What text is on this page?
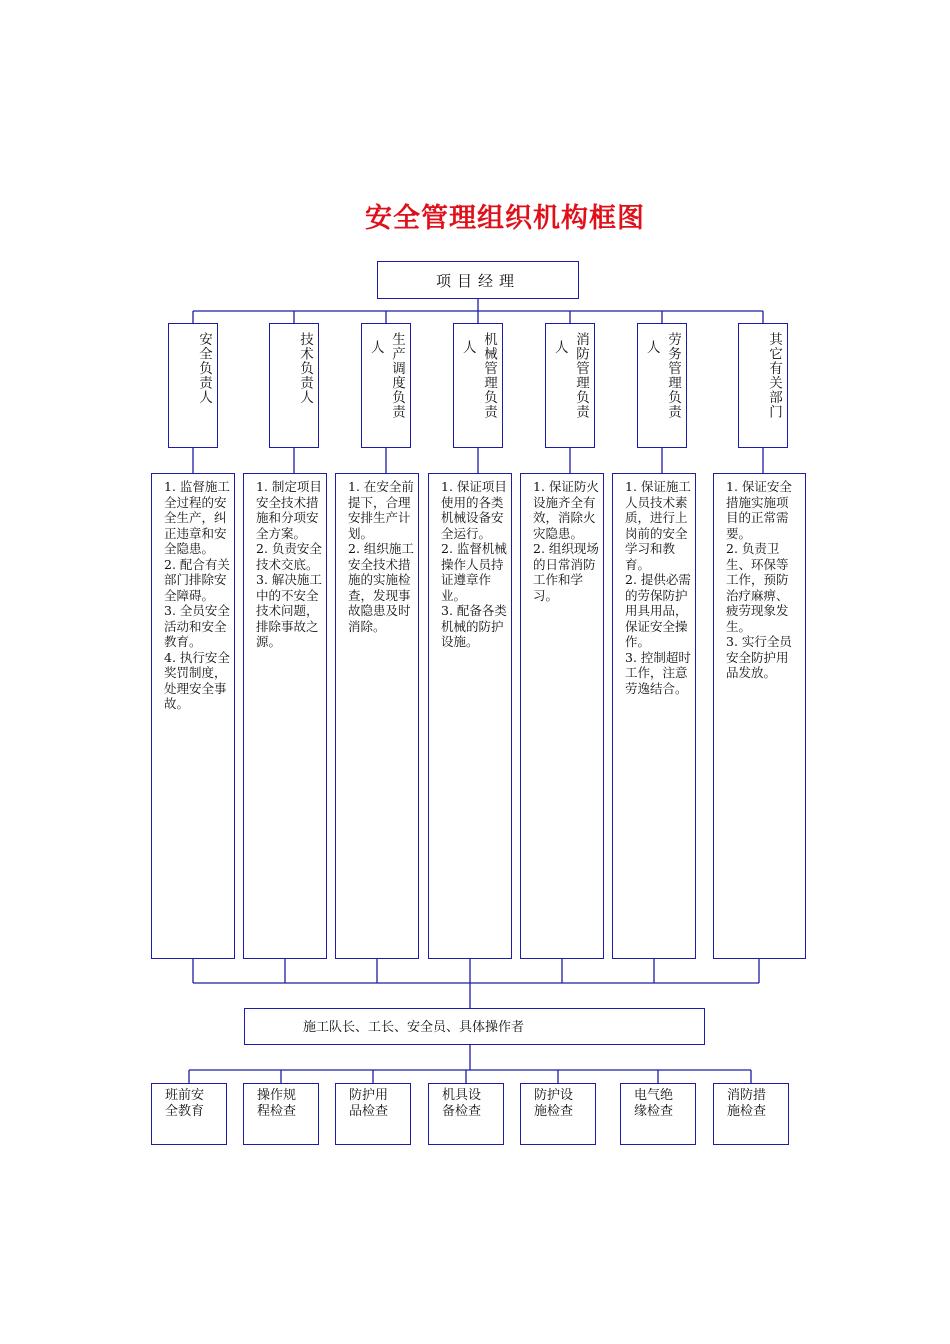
安全管理组织机构框图
项目经理
安全负责人	技术负责人	人 生产调度负责	人 机械管理负责	人 消防管理负责	人 劳务管理负责	其它有关部门
1. 监督施工全过程的安全生产，纠正违章和安全隐患。
2. 配合有关部门排除安全障碍。
3. 全员安全活动和安全教育。
4. 执行安全奖罚制度，处理安全事故。
1. 制定项目安全技术措施和分项安全方案。
2. 负责安全技术交底。
3. 解决施工中的不安全技术问题，排除事故之源。
1. 在安全前提下，合理安排生产计划。
2. 组织施工安全技术措施的实施检查，发现事故隐患及时消除。
1. 保证项目使用的各类机械设备安全运行。
2. 监督机械操作人员持证遵章作业。
3. 配备各类机械的防护设施。
1. 保证防火设施齐全有效，消除火灾隐患。
2. 组织现场的日常消防工作和学习。
1. 保证施工人员技术素质，进行上岗前的安全学习和教育。
2. 提供必需的劳保防护用具用品，保证安全操作。
3. 控制超时工作，注意劳逸结合。
1. 保证安全措施实施项目的正常需要。
2. 负责卫生、环保等工作，预防治疗麻痹、疲劳现象发生。
3. 实行全员安全防护用品发放。
施工队长、工长、安全员、具体操作者
班前安
全教育
操作规
程检查
防护用
品检查
机具设
备检查
防护设
施检查
电气绝
缘检查
消防措
施检查
